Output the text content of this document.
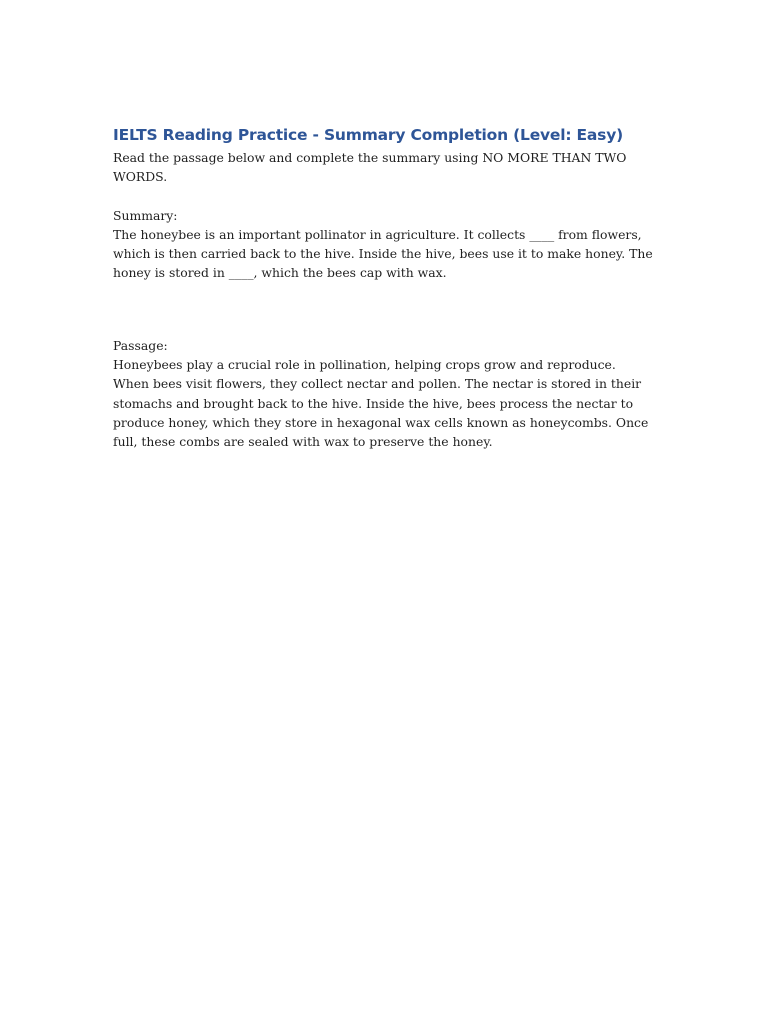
IELTS Reading Practice - Summary Completion (Level: Easy)

Read the passage below and complete the summary using NO MORE THAN TWO WORDS.

Summary:

The honeybee is an important pollinator in agriculture. It collects ____ from flowers, which is then carried back to the hive. Inside the hive, bees use it to make honey. The honey is stored in ____, which the bees cap with wax.

Passage:

Honeybees play a crucial role in pollination, helping crops grow and reproduce. When bees visit flowers, they collect nectar and pollen. The nectar is stored in their stomachs and brought back to the hive. Inside the hive, bees process the nectar to produce honey, which they store in hexagonal wax cells known as honeycombs. Once full, these combs are sealed with wax to preserve the honey.
